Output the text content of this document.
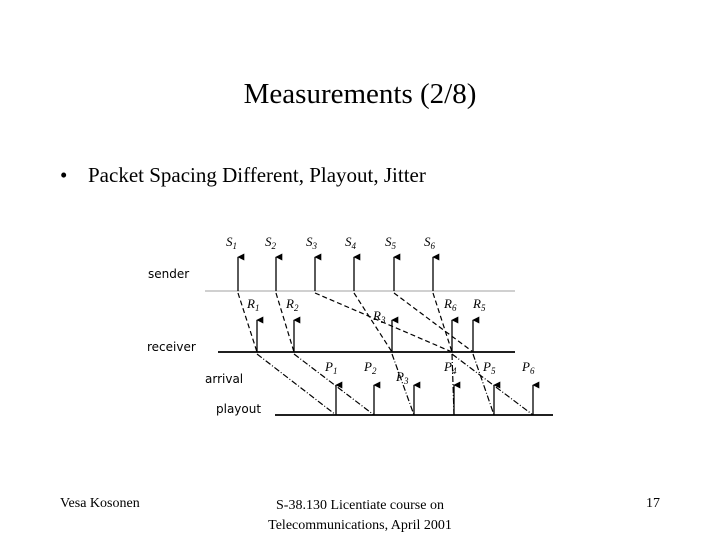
Measurements (2/8)
• Packet Spacing Different, Playout, Jitter
sender
receiver
arrival
playout
$S_1$ $S_2$ $S_3$ $S_4$ $S_5$ $S_6$
$R_1$ $R_2$	$R_3$
$R_6$ $R_5$
$P_1$ $P_2$ $P_3$
$P_4$ $P_5$ $P_6$
Vesa Kosonen	S-38.130 Licentiate course on
Telecommunications, April 2001
17
